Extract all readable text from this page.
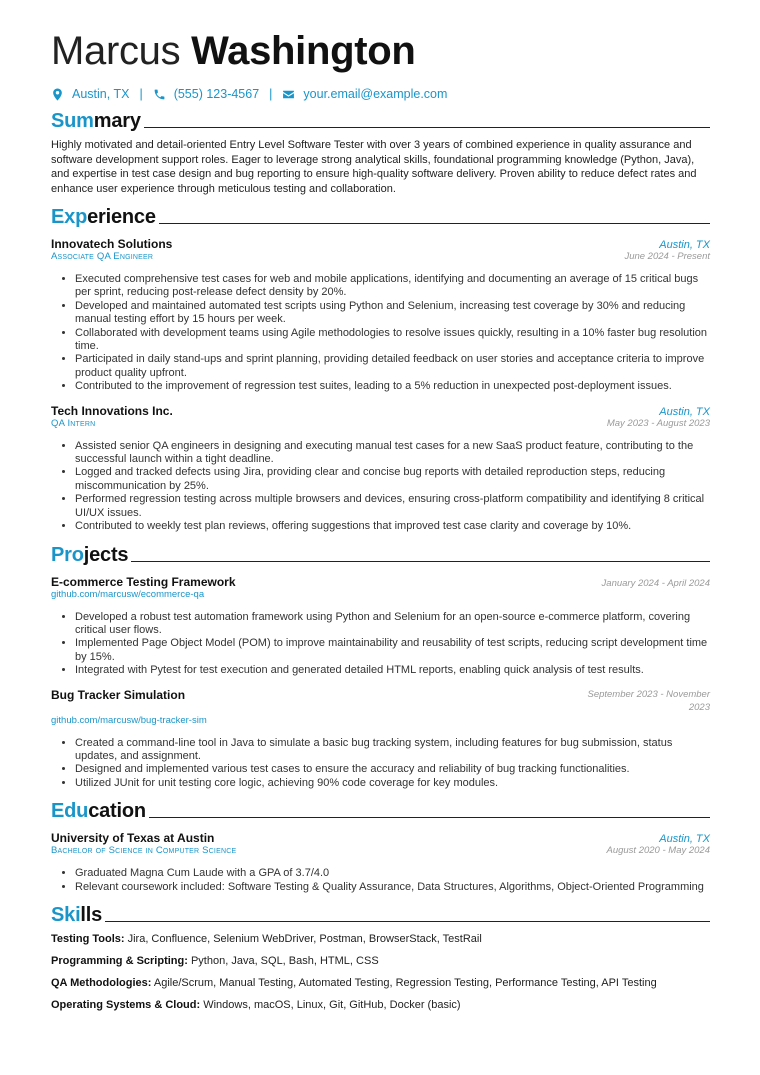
Marcus Washington
Austin, TX | (555) 123-4567 | your.email@example.com
Summary
Highly motivated and detail-oriented Entry Level Software Tester with over 3 years of combined experience in quality assurance and software development support roles. Eager to leverage strong analytical skills, foundational programming knowledge (Python, Java), and expertise in test case design and bug reporting to ensure high-quality software delivery. Proven ability to reduce defect rates and enhance user experience through meticulous testing and collaboration.
Experience
Innovatech Solutions	Austin, TX
Associate QA Engineer	June 2024 - Present
• Executed comprehensive test cases for web and mobile applications, identifying and documenting an average of 15 critical bugs per sprint, reducing post-release defect density by 20%.
• Developed and maintained automated test scripts using Python and Selenium, increasing test coverage by 30% and reducing manual testing effort by 15 hours per week.
• Collaborated with development teams using Agile methodologies to resolve issues quickly, resulting in a 10% faster bug resolution time.
• Participated in daily stand-ups and sprint planning, providing detailed feedback on user stories and acceptance criteria to improve product quality upfront.
• Contributed to the improvement of regression test suites, leading to a 5% reduction in unexpected post-deployment issues.
Tech Innovations Inc.	Austin, TX
QA Intern	May 2023 - August 2023
• Assisted senior QA engineers in designing and executing manual test cases for a new SaaS product feature, contributing to the successful launch within a tight deadline.
• Logged and tracked defects using Jira, providing clear and concise bug reports with detailed reproduction steps, reducing miscommunication by 25%.
• Performed regression testing across multiple browsers and devices, ensuring cross-platform compatibility and identifying 8 critical UI/UX issues.
• Contributed to weekly test plan reviews, offering suggestions that improved test case clarity and coverage by 10%.
Projects
E-commerce Testing Framework	January 2024 - April 2024
github.com/marcusw/ecommerce-qa
• Developed a robust test automation framework using Python and Selenium for an open-source e-commerce platform, covering critical user flows.
• Implemented Page Object Model (POM) to improve maintainability and reusability of test scripts, reducing script development time by 15%.
• Integrated with Pytest for test execution and generated detailed HTML reports, enabling quick analysis of test results.
Bug Tracker Simulation	September 2023 - November
2023
github.com/marcusw/bug-tracker-sim
• Created a command-line tool in Java to simulate a basic bug tracking system, including features for bug submission, status updates, and assignment.
• Designed and implemented various test cases to ensure the accuracy and reliability of bug tracking functionalities.
• Utilized JUnit for unit testing core logic, achieving 90% code coverage for key modules.
Education
University of Texas at Austin	Austin, TX
Bachelor of Science in Computer Science	August 2020 - May 2024
• Graduated Magna Cum Laude with a GPA of 3.7/4.0
• Relevant coursework included: Software Testing & Quality Assurance, Data Structures, Algorithms, Object-Oriented Programming
Skills
Testing Tools: Jira, Confluence, Selenium WebDriver, Postman, BrowserStack, TestRail
Programming & Scripting: Python, Java, SQL, Bash, HTML, CSS
QA Methodologies: Agile/Scrum, Manual Testing, Automated Testing, Regression Testing, Performance Testing, API Testing
Operating Systems & Cloud: Windows, macOS, Linux, Git, GitHub, Docker (basic)
